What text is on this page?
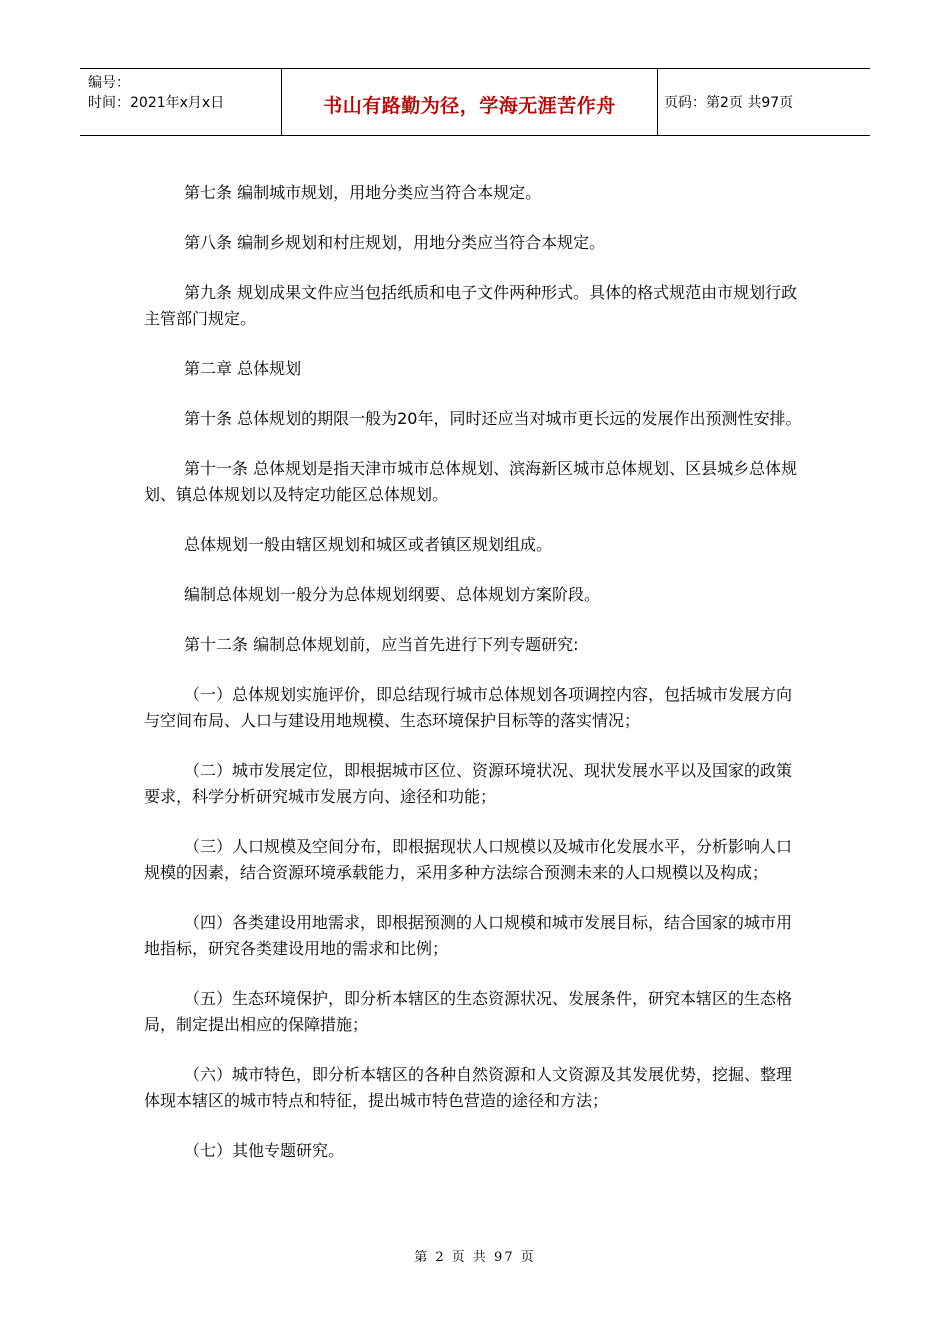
编号：
时间：2021年x月x日	书山有路勤为径，学海无涯苦作舟	页码：第2页 共97页

第七条 编制城市规划，用地分类应当符合本规定。

第八条 编制乡规划和村庄规划，用地分类应当符合本规定。

第九条 规划成果文件应当包括纸质和电子文件两种形式。具体的格式规范由市规划行政主管部门规定。

第二章 总体规划

第十条 总体规划的期限一般为20年，同时还应当对城市更长远的发展作出预测性安排。

第十一条 总体规划是指天津市城市总体规划、滨海新区城市总体规划、区县城乡总体规划、镇总体规划以及特定功能区总体规划。

总体规划一般由辖区规划和城区或者镇区规划组成。

编制总体规划一般分为总体规划纲要、总体规划方案阶段。

第十二条 编制总体规划前，应当首先进行下列专题研究:

（一）总体规划实施评价，即总结现行城市总体规划各项调控内容，包括城市发展方向与空间布局、人口与建设用地规模、生态环境保护目标等的落实情况；

（二）城市发展定位，即根据城市区位、资源环境状况、现状发展水平以及国家的政策要求，科学分析研究城市发展方向、途径和功能；

（三）人口规模及空间分布，即根据现状人口规模以及城市化发展水平，分析影响人口规模的因素，结合资源环境承载能力，采用多种方法综合预测未来的人口规模以及构成；

（四）各类建设用地需求，即根据预测的人口规模和城市发展目标，结合国家的城市用地指标，研究各类建设用地的需求和比例；

（五）生态环境保护，即分析本辖区的生态资源状况、发展条件，研究本辖区的生态格局，制定提出相应的保障措施；

（六）城市特色，即分析本辖区的各种自然资源和人文资源及其发展优势，挖掘、整理体现本辖区的城市特点和特征，提出城市特色营造的途径和方法；

（七）其他专题研究。

第 2 页 共 97 页
